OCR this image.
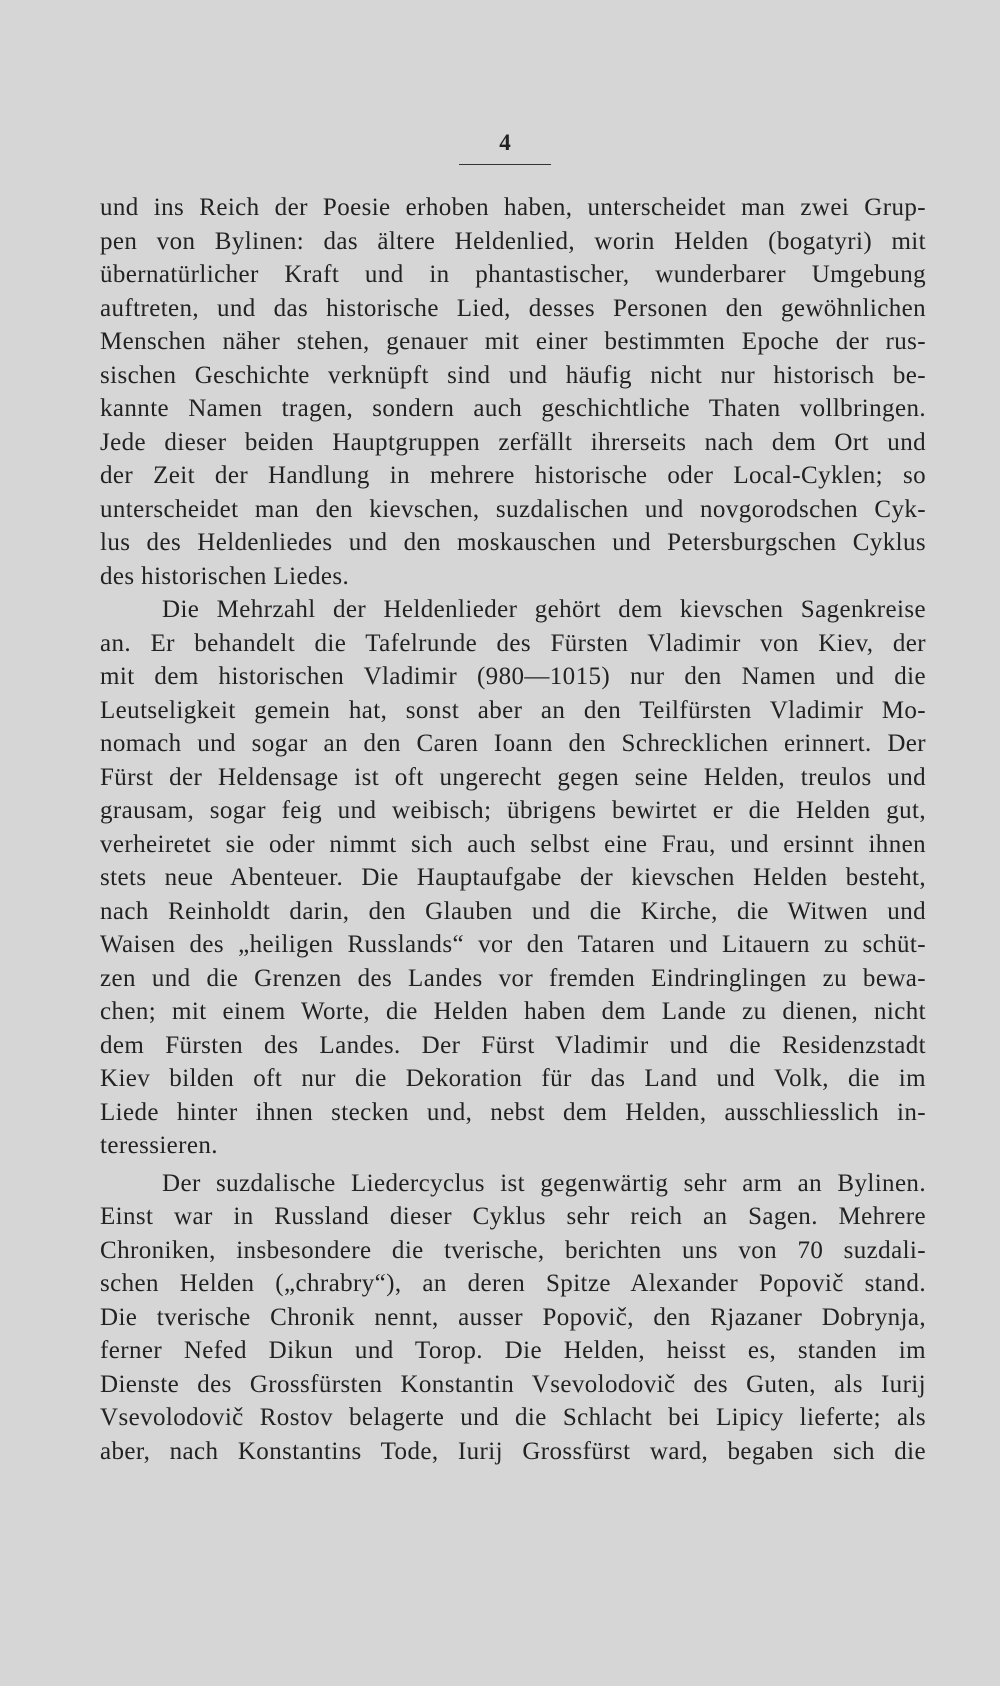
4
und ins Reich der Poesie erhoben haben, unterscheidet man zwei Grup-
pen von Bylinen: das ältere Heldenlied, worin Helden (bogatyri) mit
übernatürlicher Kraft und in phantastischer, wunderbarer Umgebung
auftreten, und das historische Lied, desses Personen den gewöhnlichen
Menschen näher stehen, genauer mit einer bestimmten Epoche der rus-
sischen Geschichte verknüpft sind und häufig nicht nur historisch be-
kannte Namen tragen, sondern auch geschichtliche Thaten vollbringen.
Jede dieser beiden Hauptgruppen zerfällt ihrerseits nach dem Ort und
der Zeit der Handlung in mehrere historische oder Local-Cyklen; so
unterscheidet man den kievschen, suzdalischen und novgorodschen Cyk-
lus des Heldenliedes und den moskauschen und Petersburgschen Cyklus
des historischen Liedes.
Die Mehrzahl der Heldenlieder gehört dem kievschen Sagenkreise
an. Er behandelt die Tafelrunde des Fürsten Vladimir von Kiev, der
mit dem historischen Vladimir (980—1015) nur den Namen und die
Leutseligkeit gemein hat, sonst aber an den Teilfürsten Vladimir Mo-
nomach und sogar an den Caren Ioann den Schrecklichen erinnert. Der
Fürst der Heldensage ist oft ungerecht gegen seine Helden, treulos und
grausam, sogar feig und weibisch; übrigens bewirtet er die Helden gut,
verheiretet sie oder nimmt sich auch selbst eine Frau, und ersinnt ihnen
stets neue Abenteuer. Die Hauptaufgabe der kievschen Helden besteht,
nach Reinholdt darin, den Glauben und die Kirche, die Witwen und
Waisen des „heiligen Russlands“ vor den Tataren und Litauern zu schüt-
zen und die Grenzen des Landes vor fremden Eindringlingen zu bewa-
chen; mit einem Worte, die Helden haben dem Lande zu dienen, nicht
dem Fürsten des Landes. Der Fürst Vladimir und die Residenzstadt
Kiev bilden oft nur die Dekoration für das Land und Volk, die im
Liede hinter ihnen stecken und, nebst dem Helden, ausschliesslich in-
teressieren.
Der suzdalische Liedercyclus ist gegenwärtig sehr arm an Bylinen.
Einst war in Russland dieser Cyklus sehr reich an Sagen. Mehrere
Chroniken, insbesondere die tverische, berichten uns von 70 suzdali-
schen Helden („chrabry“), an deren Spitze Alexander Popovič stand.
Die tverische Chronik nennt, ausser Popovič, den Rjazaner Dobrynja,
ferner Nefed Dikun und Torop. Die Helden, heisst es, standen im
Dienste des Grossfürsten Konstantin Vsevolodovič des Guten, als Iurij
Vsevolodovič Rostov belagerte und die Schlacht bei Lipicy lieferte; als
aber, nach Konstantins Tode, Iurij Grossfürst ward, begaben sich die
